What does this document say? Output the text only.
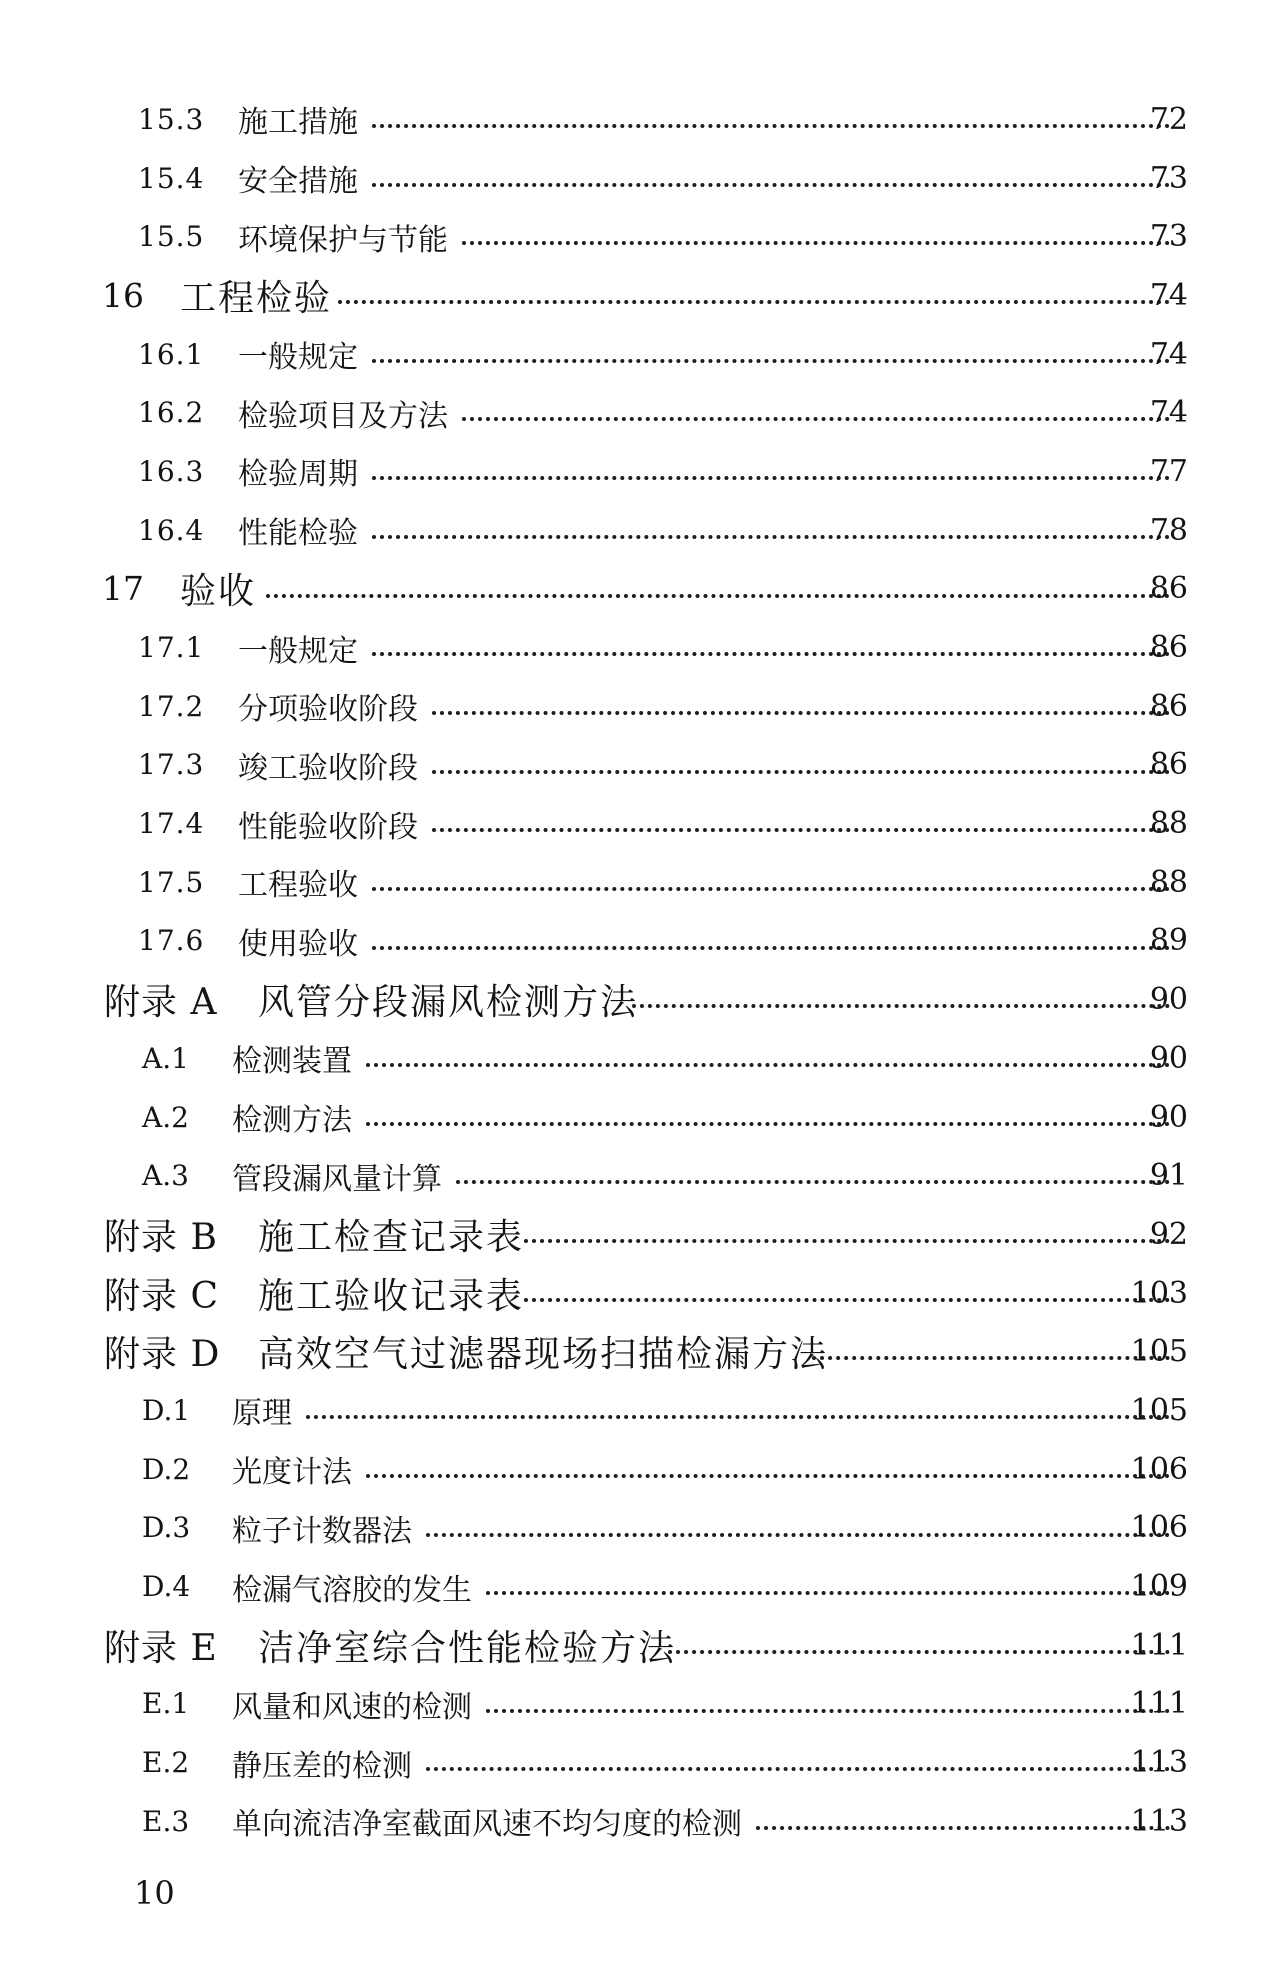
15.3 施工措施	72
15.4 安全措施	73
15.5 环境保护与节能	73
16 工程检验	74
16.1 一般规定	74
16.2 检验项目及方法	74
16.3 检验周期	77
16.4 性能检验	78
17 验收	86
17.1 一般规定	86
17.2 分项验收阶段	86
17.3 竣工验收阶段	86
17.4 性能验收阶段	88
17.5 工程验收	88
17.6 使用验收	89
附录 A 风管分段漏风检测方法	90
A.1 检测装置	90
A.2 检测方法	90
A.3 管段漏风量计算	91
附录 B 施工检查记录表	92
附录 C 施工验收记录表	103
附录 D 高效空气过滤器现场扫描检漏方法	105
D.1 原理	105
D.2 光度计法	106
D.3 粒子计数器法	106
D.4 检漏气溶胶的发生	109
附录 E 洁净室综合性能检验方法	111
E.1 风量和风速的检测	111
E.2 静压差的检测	113
E.3 单向流洁净室截面风速不均匀度的检测	113
10
